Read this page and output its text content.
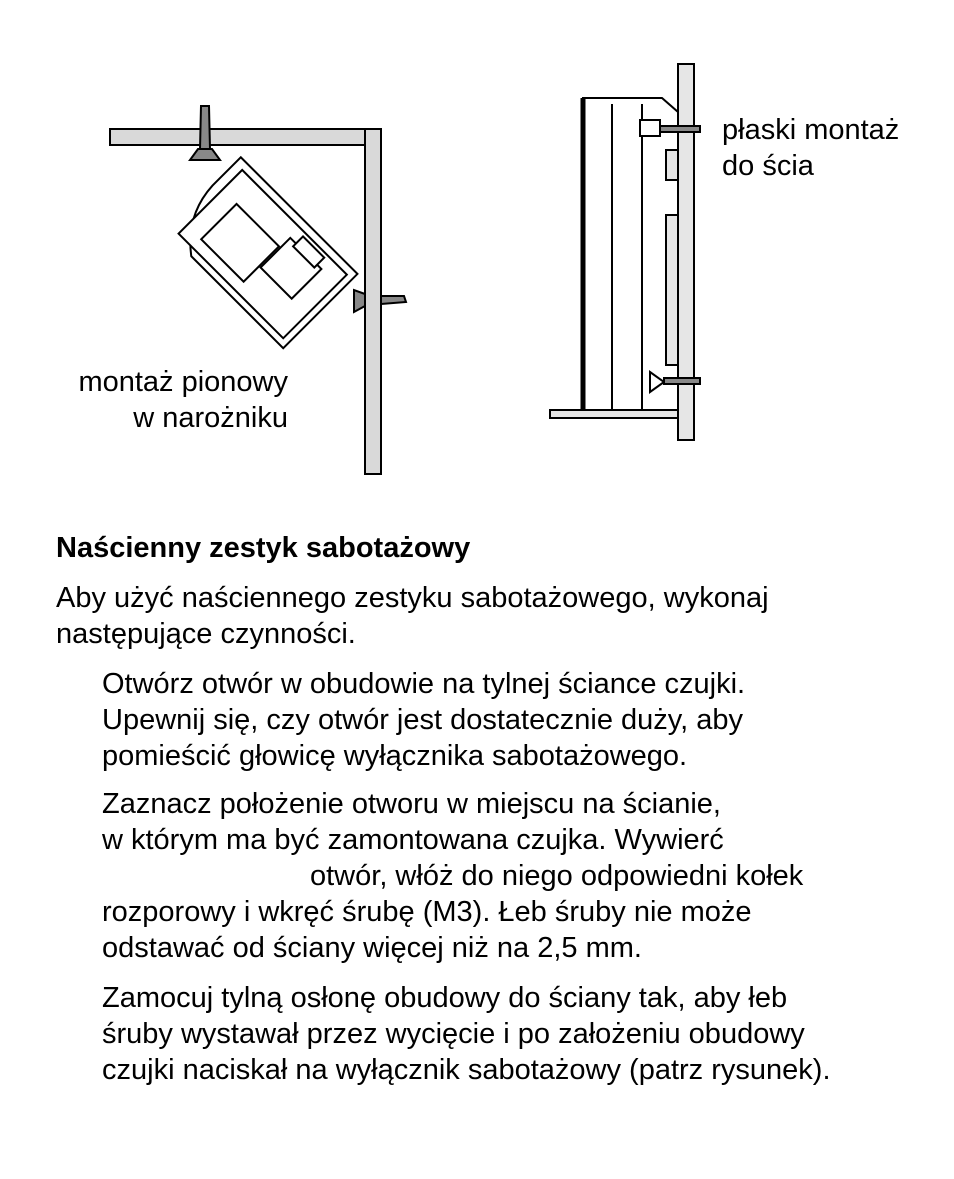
montaż pionowy
w narożniku
płaski montaż
do ścia
Naścienny zestyk sabotażowy

Aby użyć naściennego zestyku sabotażowego, wykonaj
następujące czynności.

Otwórz otwór w obudowie na tylnej ściance czujki.
Upewnij się, czy otwór jest dostatecznie duży, aby
pomieścić głowicę wyłącznika sabotażowego.

Zaznacz położenie otworu w miejscu na ścianie,
w którym ma być zamontowana czujka. Wywierć
otwór, włóż do niego odpowiedni kołek
rozporowy i wkręć śrubę (M3). Łeb śruby nie może
odstawać od ściany więcej niż na 2,5 mm.

Zamocuj tylną osłonę obudowy do ściany tak, aby łeb
śruby wystawał przez wycięcie i po założeniu obudowy
czujki naciskał na wyłącznik sabotażowy (patrz rysunek).
